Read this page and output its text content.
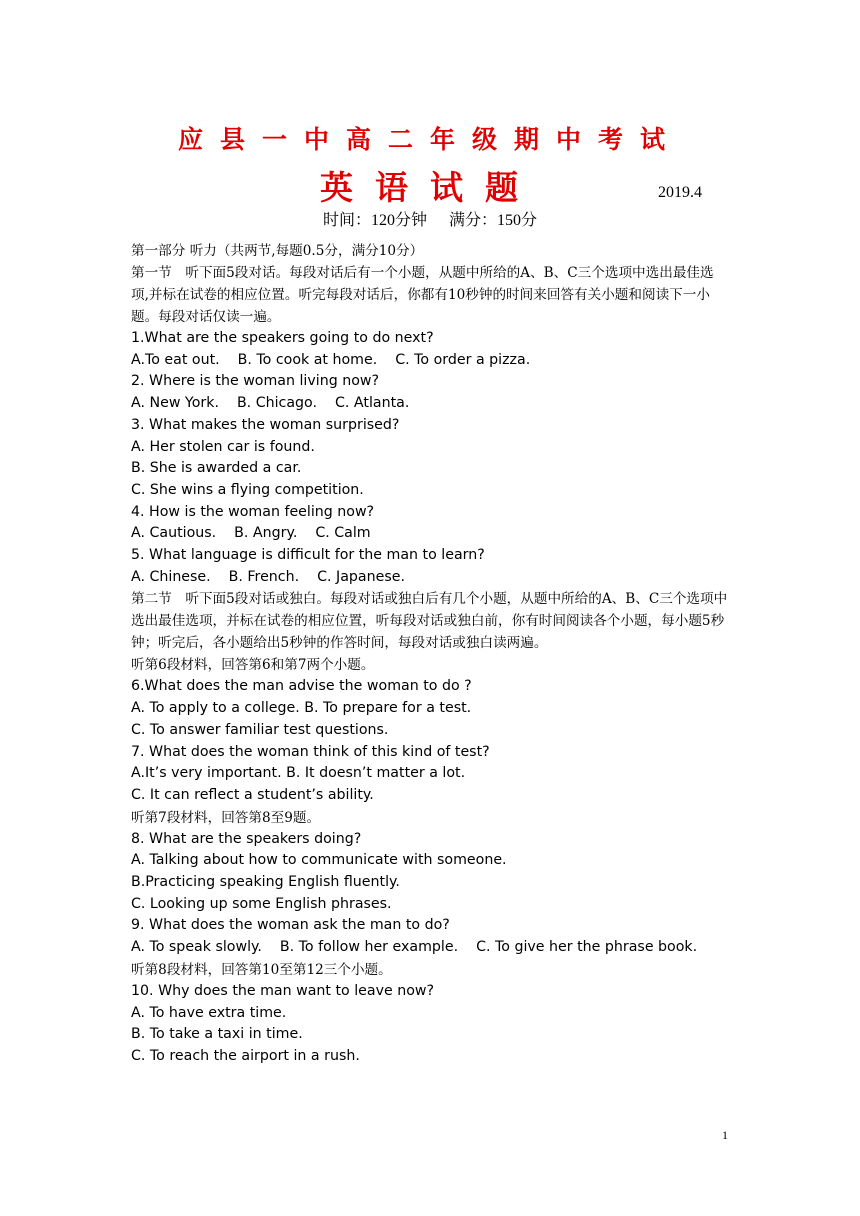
应县一中高二年级期中考试
英语试题	2019.4
时间：120分钟 满分：150分

第一部分 听力（共两节,每题0.5分，满分10分）

第一节　听下面5段对话。每段对话后有一个小题，从题中所给的A、B、C三个选项中选出最佳选项,并标在试卷的相应位置。听完每段对话后，你都有10秒钟的时间来回答有关小题和阅读下一小题。每段对话仅读一遍。

1.What are the speakers going to do next?

A.To eat out. B. To cook at home. C. To order a pizza.

2. Where is the woman living now?

A. New York. B. Chicago. C. Atlanta.

3. What makes the woman surprised?

A. Her stolen car is found.

B. She is awarded a car.

C. She wins a flying competition.

4. How is the woman feeling now?

A. Cautious. B. Angry. C. Calm

5. What language is difficult for the man to learn?

A. Chinese. B. French. C. Japanese.

第二节　听下面5段对话或独白。每段对话或独白后有几个小题，从题中所给的A、B、C三个选项中选出最佳选项，并标在试卷的相应位置，听每段对话或独白前，你有时间阅读各个小题，每小题5秒钟；听完后，各小题给出5秒钟的作答时间，每段对话或独白读两遍。

听第6段材料，回答第6和第7两个小题。

6.What does the man advise the woman to do ?

A. To apply to a college. B. To prepare for a test.

C. To answer familiar test questions.

7. What does the woman think of this kind of test?

A.It’s very important. B. It doesn’t matter a lot.

C. It can reflect a student’s ability.

听第7段材料，回答第8至9题。

8. What are the speakers doing?

A. Talking about how to communicate with someone.

B.Practicing speaking English fluently.

C. Looking up some English phrases.

9. What does the woman ask the man to do?

A. To speak slowly. B. To follow her example. C. To give her the phrase book.

听第8段材料，回答第10至第12三个小题。

10. Why does the man want to leave now?

A. To have extra time.

B. To take a taxi in time.

C. To reach the airport in a rush.

1
